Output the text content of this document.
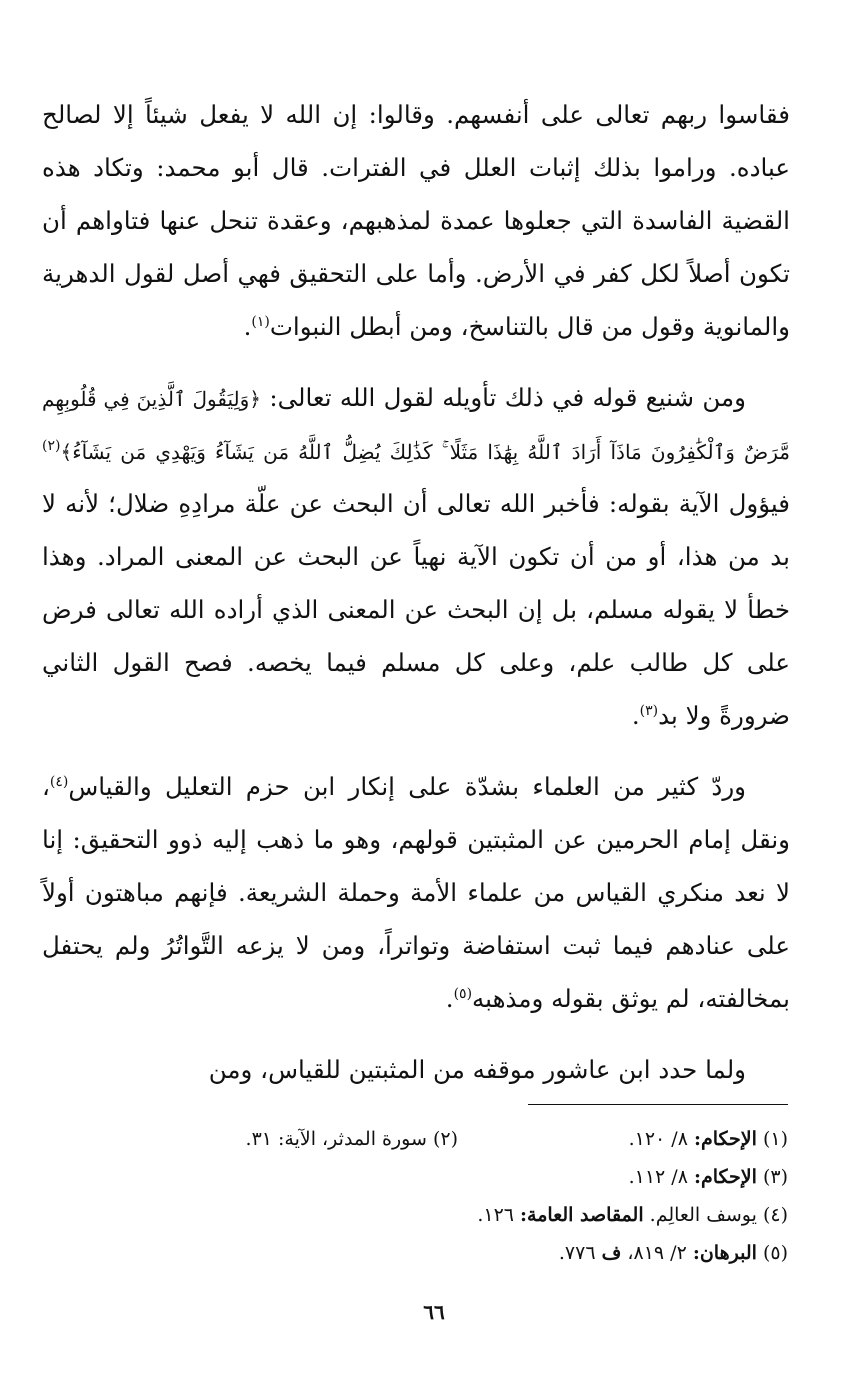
فقاسوا ربهم تعالى على أنفسهم. وقالوا: إن الله لا يفعل شيئاً إلا لصالح عباده. وراموا بذلك إثبات العلل في الفترات. قال أبو محمد: وتكاد هذه القضية الفاسدة التي جعلوها عمدة لمذهبهم، وعقدة تنحل عنها فتاواهم أن تكون أصلاً لكل كفر في الأرض. وأما على التحقيق فهي أصل لقول الدهرية والمانوية وقول من قال بالتناسخ، ومن أبطل النبوات$^{(١)}$.

ومن شنيع قوله في ذلك تأويله لقول الله تعالى: ﴿وَلِيَقُولَ ٱلَّذِينَ فِي قُلُوبِهِم مَّرَضٌ وَٱلْكَٰفِرُونَ مَاذَآ أَرَادَ ٱللَّهُ بِهَٰذَا مَثَلًا ۚ كَذَٰلِكَ يُضِلُّ ٱللَّهُ مَن يَشَآءُ وَيَهْدِي مَن يَشَآءُ﴾$^{(٢)}$ فيؤول الآية بقوله: فأخبر الله تعالى أن البحث عن علّة مرادِهِ ضلال؛ لأنه لا بد من هذا، أو من أن تكون الآية نهياً عن البحث عن المعنى المراد. وهذا خطأ لا يقوله مسلم، بل إن البحث عن المعنى الذي أراده الله تعالى فرض على كل طالب علم، وعلى كل مسلم فيما يخصه. فصح القول الثاني ضرورةً ولا بد$^{(٣)}$.

وردّ كثير من العلماء بشدّة على إنكار ابن حزم التعليل والقياس$^{(٤)}$، ونقل إمام الحرمين عن المثبتين قولهم، وهو ما ذهب إليه ذوو التحقيق: إنا لا نعد منكري القياس من علماء الأمة وحملة الشريعة. فإنهم مباهتون أولاً على عنادهم فيما ثبت استفاضة وتواتراً، ومن لا يزعه التَّواتُرُ ولم يحتفل بمخالفته، لم يوثق بقوله ومذهبه$^{(٥)}$.

ولما حدد ابن عاشور موقفه من المثبتين للقياس، ومن

(١) الإحكام: ٨/ ١٢٠.
(٢) سورة المدثر، الآية: ٣١.
(٣) الإحكام: ٨/ ١١٢.
(٤) يوسف العالِم. المقاصد العامة: ١٢٦.
(٥) البرهان: ٢/ ٨١٩، ف ٧٧٦.
٦٦
